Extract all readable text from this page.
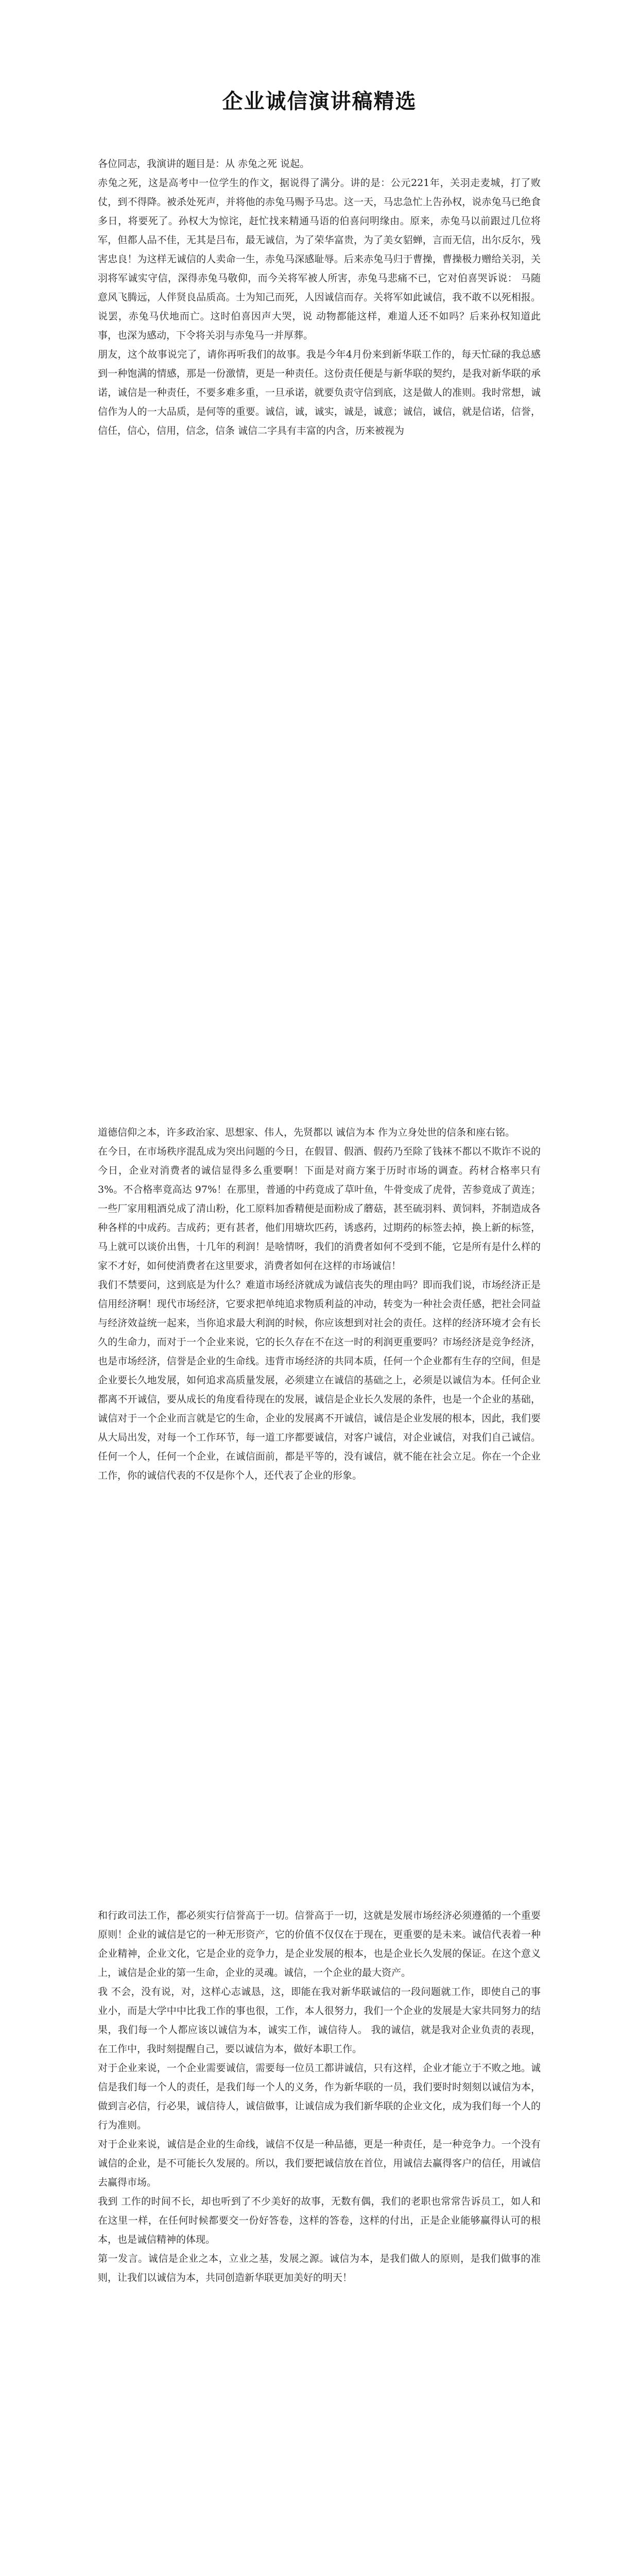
企业诚信演讲稿精选

各位同志，我演讲的题目是：从 赤兔之死 说起。

赤兔之死，这是高考中一位学生的作文，据说得了满分。讲的是：公元221年，关羽走麦城，打了败仗，到不得降。被杀处死声，并将他的赤兔马赐予马忠。这一天，马忠急忙上告孙权，说赤兔马已绝食多日，将要死了。孙权大为惊诧，赶忙找来精通马语的伯喜问明缘由。原来，赤兔马以前跟过几位将军，但都人品不佳，无其是吕布，最无诚信，为了荣华富贵，为了美女貂蝉，言而无信，出尔反尔，残害忠良！为这样无诚信的人卖命一生，赤兔马深感耻辱。后来赤兔马归于曹操，曹操极力赠给关羽，关羽将军诚实守信，深得赤兔马敬仰，而今关将军被人所害，赤兔马悲痛不已，它对伯喜哭诉说： 马随意风飞腾远，人伴贤良品质高。士为知己而死，人因诚信而存。关将军如此诚信，我不敢不以死相报。 说罢，赤兔马伏地而亡。这时伯喜因声大哭，说 动物都能这样，难道人还不如吗？后来孙权知道此事，也深为感动，下令将关羽与赤兔马一并厚葬。

朋友，这个故事说完了，请你再听我们的故事。我是今年4月份来到新华联工作的，每天忙碌的我总感到一种饱满的情感，那是一份激情，更是一种责任。这份责任便是与新华联的契约，是我对新华联的承诺，诚信是一种责任，不要多难多重，一旦承诺，就要负责守信到底，这是做人的准则。我时常想，诚信作为人的一大品质，是何等的重要。诚信，诚，诚实，诚是，诚意；诚信，诚信，就是信诺，信誉，信任，信心，信用，信念，信条 诚信二字具有丰富的内含，历来被视为

道德信仰之本，许多政治家、思想家、伟人，先贤都以 诚信为本 作为立身处世的信条和座右铭。

在今日，在市场秩序混乱成为突出问题的今日，在假冒、假酒、假药乃至除了钱袜不都以不欺诈不说的今日，企业对消费者的诚信显得多么重要啊！下面是对商方案于历时市场的调查。药材合格率只有 3%。不合格率竟高达 97%！在那里，普通的中药竟成了草叶鱼，牛骨变成了虎骨，苦参竟成了黄连；一些厂家用粗酒兑成了清山粉，化工原料加香精便是面粉成了蘑菇，甚至硫羽料、黄饲料，芥制造成各种各样的中成药。吉成药；更有甚者，他们用塘坎匹药，诱惑药，过期药的标签去掉，换上新的标签，马上就可以谈价出售，十几年的利润！是啥情呀，我们的消费者如何不受到不能，它是所有是什么样的家不才好，如何使消费者在这里要求，消费者如何在这样的市场诚信！

我们不禁要问，这到底是为什么？难道市场经济就成为诚信丧失的理由吗？即而我们说，市场经济正是信用经济啊！现代市场经济，它要求把单纯追求物质利益的冲动，转变为一种社会责任感，把社会同益与经济效益统一起来，当你追求最大利润的时候，你应该想到对社会的责任。这样的经济环境才会有长久的生命力，而对于一个企业来说，它的长久存在不在这一时的利润更重要吗？市场经济是竞争经济，也是市场经济，信誉是企业的生命线。违背市场经济的共同本质，任何一个企业都有生存的空间，但是企业要长久地发展，如何追求高质量发展，必须建立在诚信的基础之上，必须是以诚信为本。任何企业都离不开诚信，要从成长的角度看待现在的发展，诚信是企业长久发展的条件，也是一个企业的基础，诚信对于一个企业而言就是它的生命，企业的发展离不开诚信，诚信是企业发展的根本，因此，我们要从大局出发，对每一个工作环节，每一道工序都要诚信，对客户诚信，对企业诚信，对我们自己诚信。任何一个人，任何一个企业，在诚信面前，都是平等的，没有诚信，就不能在社会立足。你在一个企业工作，你的诚信代表的不仅是你个人，还代表了企业的形象。

和行政司法工作，都必须实行信誉高于一切。信誉高于一切，这就是发展市场经济必须遵循的一个重要原则！企业的诚信是它的一种无形资产，它的价值不仅仅在于现在，更重要的是未来。诚信代表着一种企业精神，企业文化，它是企业的竞争力，是企业发展的根本，也是企业长久发展的保证。在这个意义上，诚信是企业的第一生命，企业的灵魂。诚信，一个企业的最大资产。

我 不会，没有说，对，这样心志诚恳，这，即能在我对新华联诚信的一段问题就工作，即使自己的事业小，而是大学中中比我工作的事也很，工作，本人很努力，我们一个企业的发展是大家共同努力的结果，我们每一个人都应该以诚信为本，诚实工作，诚信待人。 我的诚信，就是我对企业负责的表现，在工作中，我时刻提醒自己，要以诚信为本，做好本职工作。

对于企业来说，一个企业需要诚信，需要每一位员工都讲诚信，只有这样，企业才能立于不败之地。诚信是我们每一个人的责任，是我们每一个人的义务，作为新华联的一员，我们要时时刻刻以诚信为本，做到言必信，行必果，诚信待人，诚信做事，让诚信成为我们新华联的企业文化，成为我们每一个人的行为准则。

对于企业来说，诚信是企业的生命线，诚信不仅是一种品德，更是一种责任，是一种竞争力。一个没有诚信的企业，是不可能长久发展的。所以，我们要把诚信放在首位，用诚信去赢得客户的信任，用诚信去赢得市场。

我到 工作的时间不长，却也听到了不少美好的故事，无数有偶，我们的老职也常常告诉员工，如人和在这里一样，在任何时候都要交一份好答卷，这样的答卷，这样的付出，正是企业能够赢得认可的根本，也是诚信精神的体现。

第一发言。诚信是企业之本，立业之基，发展之源。诚信为本，是我们做人的原则，是我们做事的准则，让我们以诚信为本，共同创造新华联更加美好的明天！
